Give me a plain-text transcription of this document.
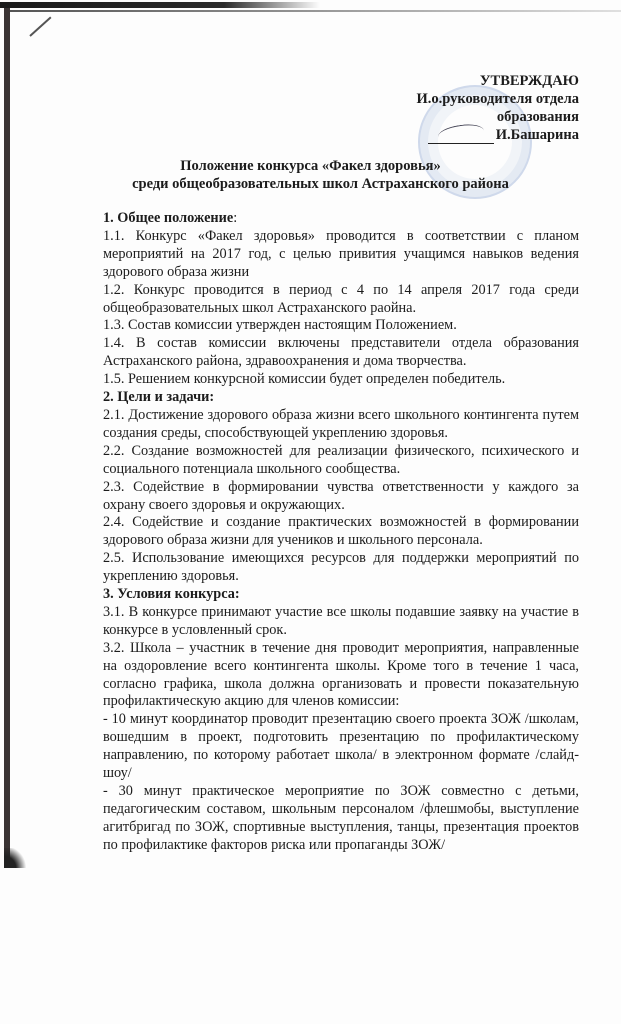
УТВЕРЖДАЮ
И.о.руководителя отдела
образования
И.Башарина
Положение конкурса «Факел здоровья»
среди общеобразовательных школ Астраханского района

1. Общее положение:

1.1. Конкурс «Факел здоровья» проводится в соответствии с планом мероприятий на 2017 год, с целью привития учащимся навыков ведения здорового образа жизни

1.2. Конкурс проводится в период с 4 по 14 апреля 2017 года среди общеобразовательных школ Астраханского раойна.

1.3. Состав комиссии утвержден настоящим Положением.

1.4. В состав комиссии включены представители отдела образования Астраханского района, здравоохранения и дома творчества.

1.5. Решением конкурсной комиссии будет определен победитель.

2. Цели и задачи:

2.1. Достижение здорового образа жизни всего школьного контингента путем создания среды, способствующей укреплению здоровья.

2.2. Создание возможностей для реализации физического, психического и социального потенциала школьного сообщества.

2.3. Содействие в формировании чувства ответственности у каждого за охрану своего здоровья и окружающих.

2.4. Содействие и создание практических возможностей в формировании здорового образа жизни для учеников и школьного персонала.

2.5. Использование имеющихся ресурсов для поддержки мероприятий по укреплению здоровья.

3. Условия конкурса:

3.1. В конкурсе принимают участие все школы подавшие заявку на участие в конкурсе в условленный срок.

3.2. Школа – участник в течение дня проводит мероприятия, направленные на оздоровление всего контингента школы. Кроме того в течение 1 часа, согласно графика, школа должна организовать и провести показательную профилактическую акцию для членов комиссии:

- 10 минут координатор проводит презентацию своего проекта ЗОЖ /школам, вошедшим в проект, подготовить презентацию по профилактическому направлению, по которому работает школа/ в электронном формате /слайд-шоу/

- 30 минут практическое мероприятие по ЗОЖ совместно с детьми, педагогическим составом, школьным персоналом /флешмобы, выступление агитбригад по ЗОЖ, спортивные выступления, танцы, презентация проектов по профилактике факторов риска или пропаганды ЗОЖ/
